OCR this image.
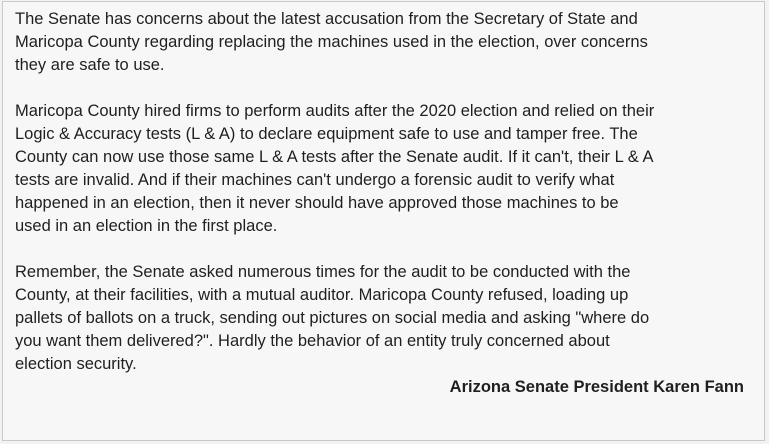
The Senate has concerns about the latest accusation from the Secretary of State and
Maricopa County regarding replacing the machines used in the election, over concerns
they are safe to use.

Maricopa County hired firms to perform audits after the 2020 election and relied on their
Logic & Accuracy tests (L & A) to declare equipment safe to use and tamper free. The
County can now use those same L & A tests after the Senate audit. If it can't, their L & A
tests are invalid. And if their machines can't undergo a forensic audit to verify what
happened in an election, then it never should have approved those machines to be
used in an election in the first place.

Remember, the Senate asked numerous times for the audit to be conducted with the
County, at their facilities, with a mutual auditor. Maricopa County refused, loading up
pallets of ballots on a truck, sending out pictures on social media and asking "where do
you want them delivered?". Hardly the behavior of an entity truly concerned about
election security.

Arizona Senate President Karen Fann
